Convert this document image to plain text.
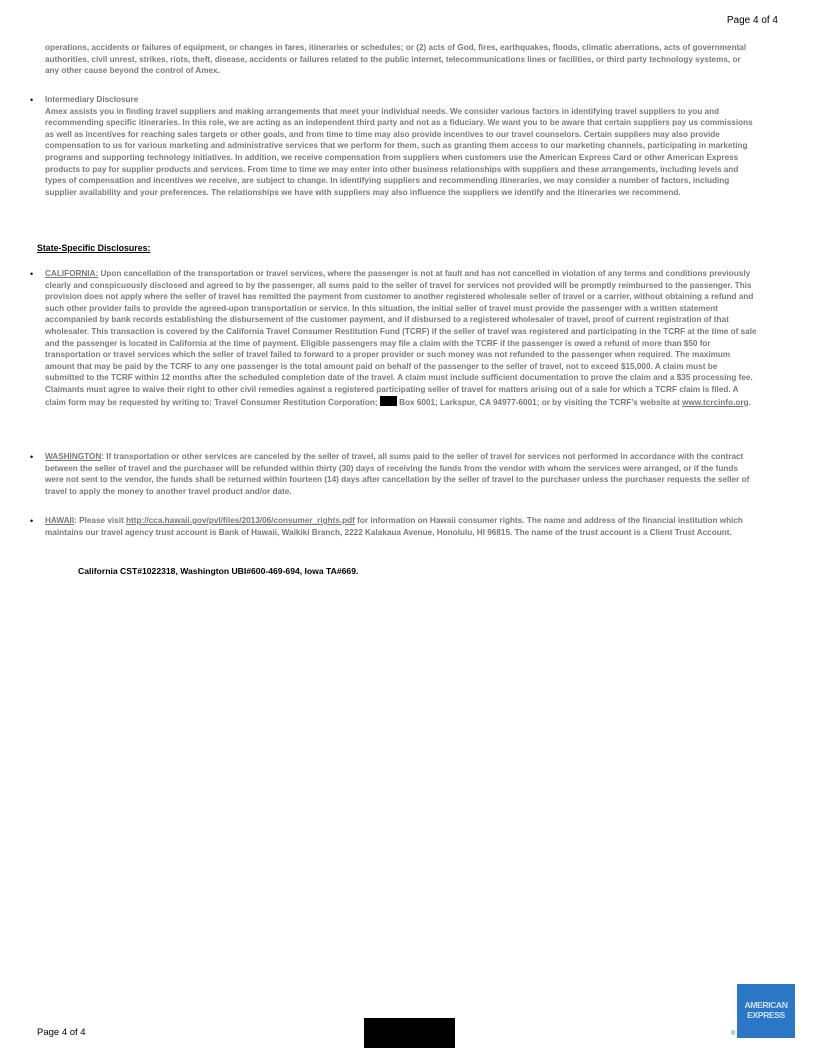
Page 4 of 4
operations, accidents or failures of equipment, or changes in fares, itineraries or schedules; or (2) acts of God, fires, earthquakes, floods, climatic aberrations, acts of governmental authorities, civil unrest, strikes, riots, theft, disease, accidents or failures related to the public internet, telecommunications lines or facilities, or third party technology systems, or any other cause beyond the control of Amex.
• Intermediary Disclosure
Amex assists you in finding travel suppliers and making arrangements that meet your individual needs. We consider various factors in identifying travel suppliers to you and recommending specific itineraries. In this role, we are acting as an independent third party and not as a fiduciary. We want you to be aware that certain suppliers pay us commissions as well as incentives for reaching sales targets or other goals, and from time to time may also provide incentives to our travel counselors. Certain suppliers may also provide compensation to us for various marketing and administrative services that we perform for them, such as granting them access to our marketing channels, participating in marketing programs and supporting technology initiatives. In addition, we receive compensation from suppliers when customers use the American Express Card or other American Express products to pay for supplier products and services. From time to time we may enter into other business relationships with suppliers and these arrangements, including levels and types of compensation and incentives we receive, are subject to change. In identifying suppliers and recommending itineraries, we may consider a number of factors, including supplier availability and your preferences. The relationships we have with suppliers may also influence the suppliers we identify and the itineraries we recommend.
State-Specific Disclosures:
• CALIFORNIA: Upon cancellation of the transportation or travel services, where the passenger is not at fault and has not cancelled in violation of any terms and conditions previously clearly and conspicuously disclosed and agreed to by the passenger, all sums paid to the seller of travel for services not provided will be promptly reimbursed to the passenger. This provision does not apply where the seller of travel has remitted the payment from customer to another registered wholesale seller of travel or a carrier, without obtaining a refund and such other provider fails to provide the agreed-upon transportation or service. In this situation, the initial seller of travel must provide the passenger with a written statement accompanied by bank records establishing the disbursement of the customer payment, and if disbursed to a registered wholesaler of travel, proof of current registration of that wholesaler. This transaction is covered by the California Travel Consumer Restitution Fund (TCRF) if the seller of travel was registered and participating in the TCRF at the time of sale and the passenger is located in California at the time of payment. Eligible passengers may file a claim with the TCRF if the passenger is owed a refund of more than $50 for transportation or travel services which the seller of travel failed to forward to a proper provider or such money was not refunded to the passenger when required. The maximum amount that may be paid by the TCRF to any one passenger is the total amount paid on behalf of the passenger to the seller of travel, not to exceed $15,000. A claim must be submitted to the TCRF within 12 months after the scheduled completion date of the travel. A claim must include sufficient documentation to prove the claim and a $35 processing fee. Claimants must agree to waive their right to other civil remedies against a registered participating seller of travel for matters arising out of a sale for which a TCRF claim is filed. A claim form may be requested by writing to: Travel Consumer Restitution Corporation;  Box 6001; Larkspur, CA 94977-6001; or by visiting the TCRF’s website at www.tcrcinfo.org.
• WASHINGTON: If transportation or other services are canceled by the seller of travel, all sums paid to the seller of travel for services not performed in accordance with the contract between the seller of travel and the purchaser will be refunded within thirty (30) days of receiving the funds from the vendor with whom the services were arranged, or if the funds were not sent to the vendor, the funds shall be returned within fourteen (14) days after cancellation by the seller of travel to the purchaser unless the purchaser requests the seller of travel to apply the money to another travel product and/or date.
• HAWAII: Please visit http://cca.hawaii.gov/pvl/files/2013/06/consumer_rights.pdf for information on Hawaii consumer rights. The name and address of the financial institution which maintains our travel agency trust account is Bank of Hawaii, Waikiki Branch, 2222 Kalakaua Avenue, Honolulu, HI 96815. The name of the trust account is a Client Trust Account.
California CST#1022318, Washington UBI#600-469-694, Iowa TA#669.
Page 4 of 4
AMERICAN
EXPRESS
®
